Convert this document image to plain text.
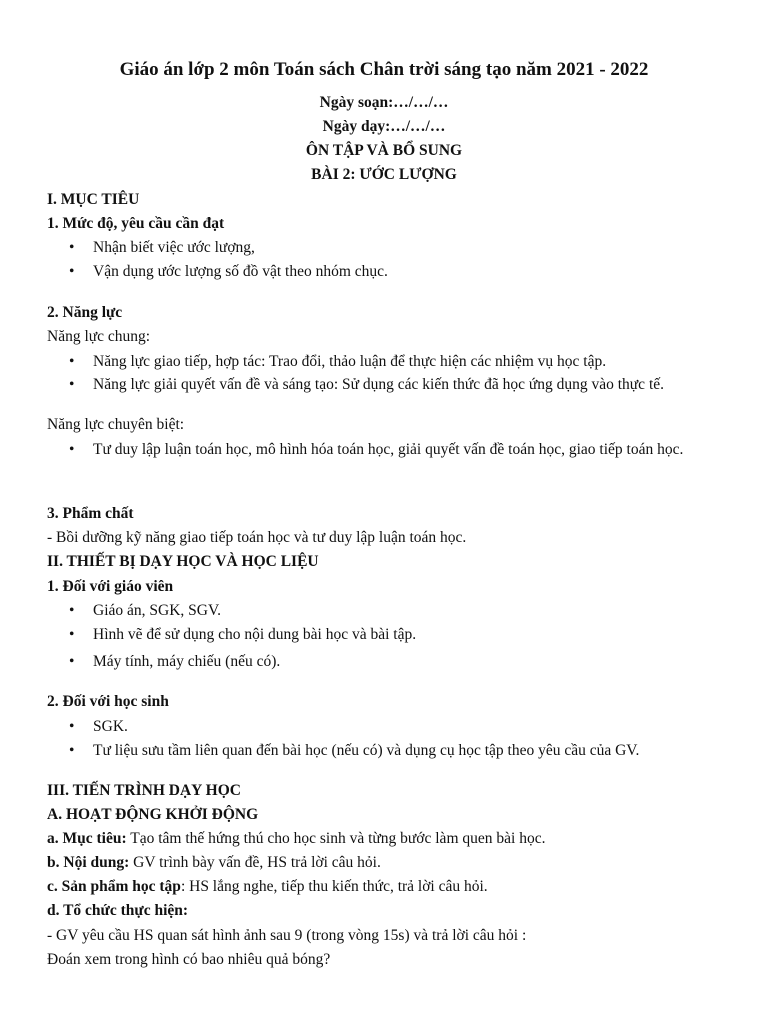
Giáo án lớp 2 môn Toán sách Chân trời sáng tạo năm 2021 - 2022
Ngày soạn:…/…/…
Ngày dạy:…/…/…
ÔN TẬP VÀ BỔ SUNG
BÀI 2: ƯỚC LƯỢNG
I. MỤC TIÊU
1. Mức độ, yêu cầu cần đạt
•	Nhận biết việc ước lượng,
•	Vận dụng ước lượng số đồ vật theo nhóm chục.
2. Năng lực
Năng lực chung:
•	Năng lực giao tiếp, hợp tác: Trao đổi, thảo luận để thực hiện các nhiệm vụ học tập.
•	Năng lực giải quyết vấn đề và sáng tạo: Sử dụng các kiến thức đã học ứng dụng vào thực tế.
Năng lực chuyên biệt:
•	Tư duy lập luận toán học, mô hình hóa toán học, giải quyết vấn đề toán học, giao tiếp toán học.
3. Phẩm chất
- Bồi dưỡng kỹ năng giao tiếp toán học và tư duy lập luận toán học.
II. THIẾT BỊ DẠY HỌC VÀ HỌC LIỆU
1. Đối với giáo viên
•	Giáo án, SGK, SGV.
•	Hình vẽ để sử dụng cho nội dung bài học và bài tập.
•	Máy tính, máy chiếu (nếu có).
2. Đối với học sinh
•	SGK.
•	Tư liệu sưu tầm liên quan đến bài học (nếu có) và dụng cụ học tập theo yêu cầu của GV.
III. TIẾN TRÌNH DẠY HỌC
A. HOẠT ĐỘNG KHỞI ĐỘNG
a. Mục tiêu: Tạo tâm thế hứng thú cho học sinh và từng bước làm quen bài học.
b. Nội dung: GV trình bày vấn đề, HS trả lời câu hỏi.
c. Sản phẩm học tập: HS lắng nghe, tiếp thu kiến thức, trả lời câu hỏi.
d. Tổ chức thực hiện:
- GV yêu cầu HS quan sát hình ảnh sau 9 (trong vòng 15s) và trả lời câu hỏi :
Đoán xem trong hình có bao nhiêu quả bóng?
